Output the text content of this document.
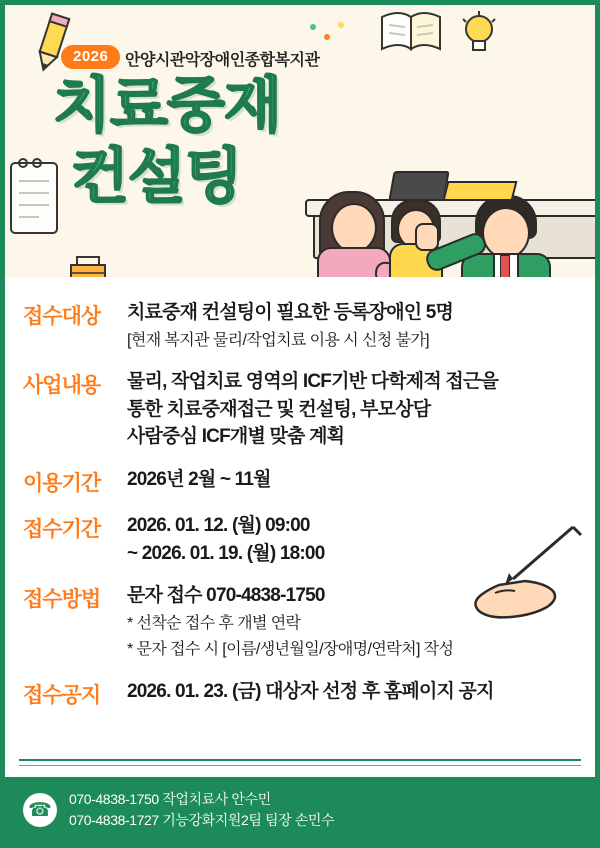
2026	안양시관악장애인종합복지관
치료중재
컨설팅
접수대상	치료중재 컨설팅이 필요한 등록장애인 5명
[현재 복지관 물리/작업치료 이용 시 신청 불가]
사업내용	물리, 작업치료 영역의 ICF기반 다학제적 접근을
통한 치료중재접근 및 컨설팅, 부모상담
사람중심 ICF개별 맞춤 계획
이용기간	2026년 2월 ~ 11월
접수기간	2026. 01. 12. (월) 09:00
~ 2026. 01. 19. (월) 18:00
접수방법	문자 접수 070-4838-1750
* 선착순 접수 후 개별 연락
* 문자 접수 시 [이름/생년월일/장애명/연락처] 작성
접수공지	2026. 01. 23. (금) 대상자 선정 후 홈페이지 공지
☎
070-4838-1750 작업치료사 안수민
070-4838-1727 기능강화지원2팀 팀장 손민수
